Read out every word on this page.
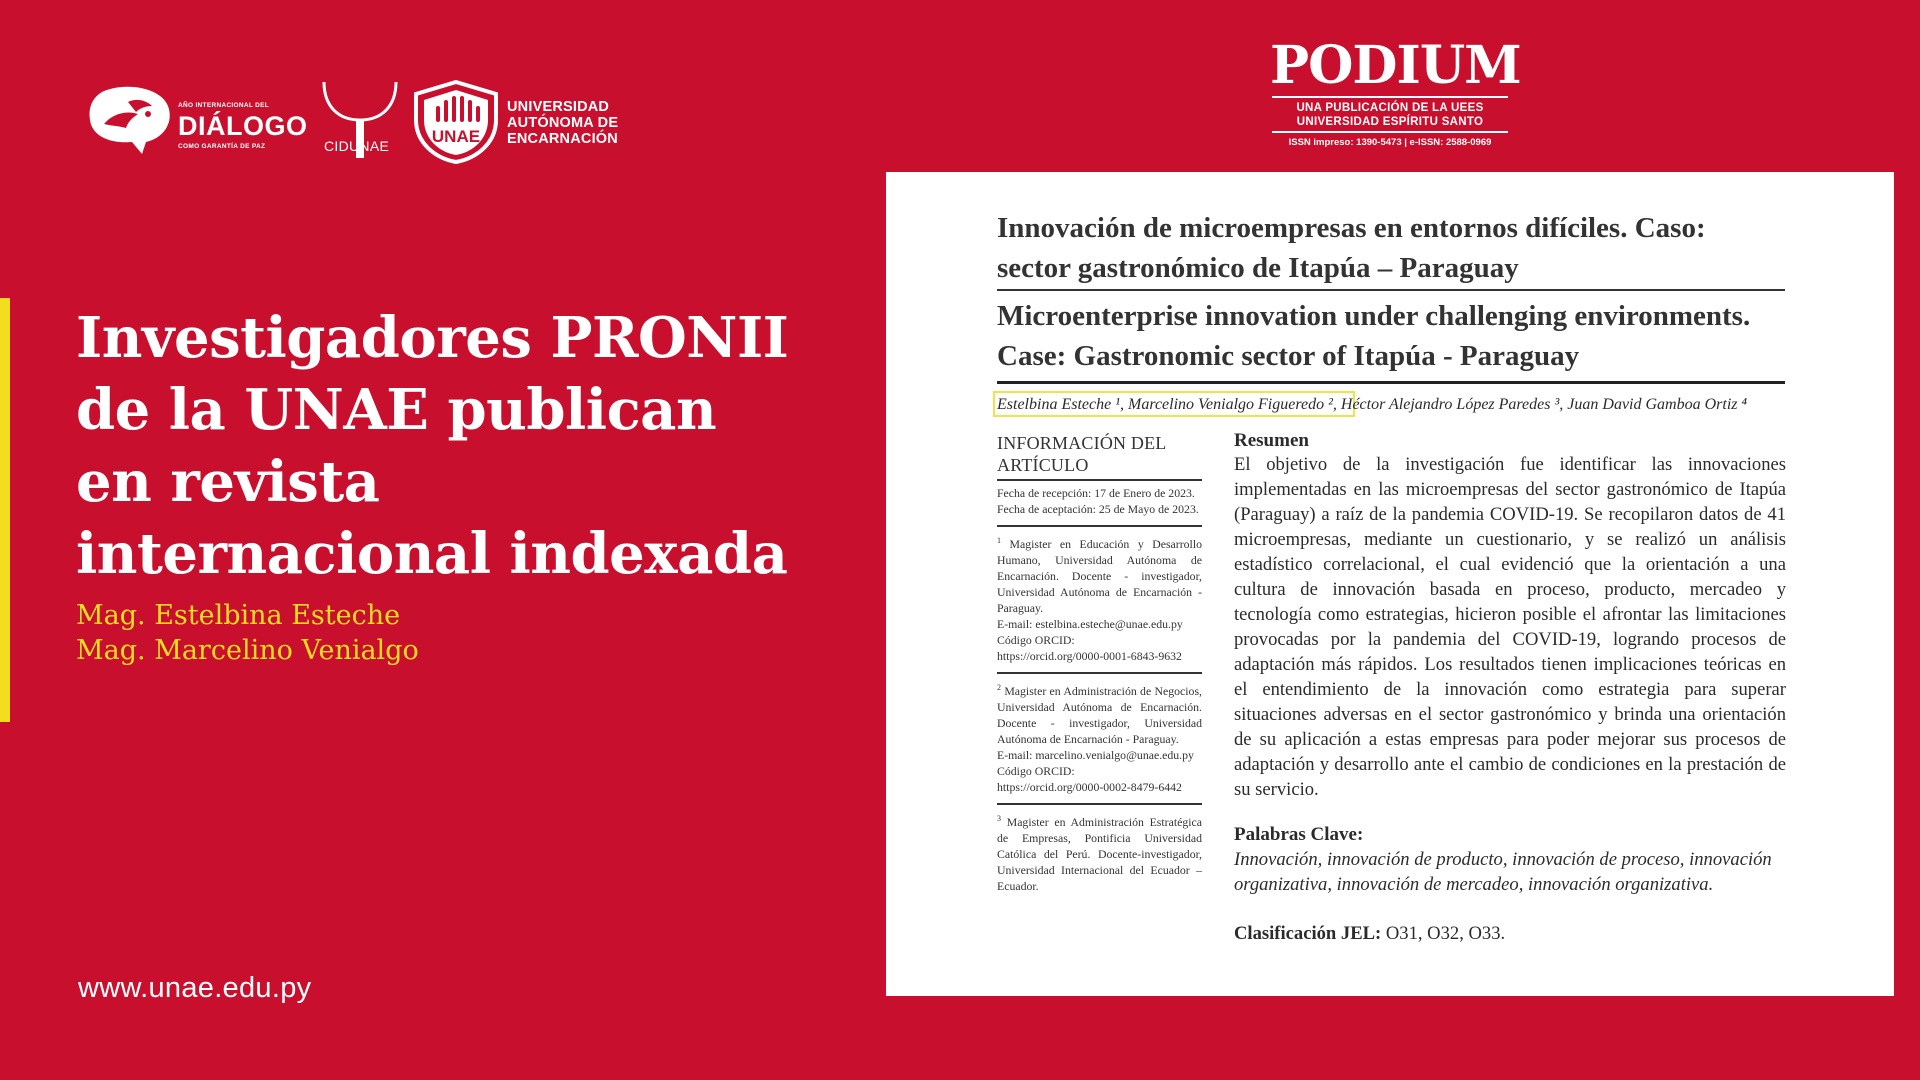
AÑO INTERNACIONAL DEL
DIÁLOGO
COMO GARANTÍA DE PAZ	CIDUNAE	UNAE
UNIVERSIDAD
AUTÓNOMA DE
ENCARNACIÓN
PODIUM
UNA PUBLICACIÓN DE LA UEES
UNIVERSIDAD ESPÍRITU SANTO
ISSN impreso: 1390-5473 | e-ISSN: 2588-0969
Investigadores PRONII de la UNAE publican en revista internacional indexada
Mag. Estelbina Esteche
Mag. Marcelino Venialgo
www.unae.edu.py
Innovación de microempresas en entornos difíciles. Caso: sector gastronómico de Itapúa – Paraguay
Microenterprise innovation under challenging environments. Case: Gastronomic sector of Itapúa - Paraguay
Estelbina Esteche ¹, Marcelino Venialgo Figueredo ², Héctor Alejandro López Paredes ³, Juan David Gamboa Ortiz ⁴
INFORMACIÓN DEL ARTÍCULO

Fecha de recepción: 17 de Enero de 2023.

Fecha de aceptación: 25 de Mayo de 2023.

$^1$ Magister en Educación y Desarrollo Humano, Universidad Autónoma de Encarnación. Docente - investigador, Universidad Autónoma de Encarnación - Paraguay.

E-mail: estelbina.esteche@unae.edu.py

Código ORCID:

https://orcid.org/0000-0001-6843-9632

$^2$ Magister en Administración de Negocios, Universidad Autónoma de Encarnación. Docente - investigador, Universidad Autónoma de Encarnación - Paraguay.

E-mail: marcelino.venialgo@unae.edu.py

Código ORCID:

https://orcid.org/0000-0002-8479-6442

$^3$ Magister en Administración Estratégica de Empresas, Pontificia Universidad Católica del Perú. Docente-investigador, Universidad Internacional del Ecuador – Ecuador.

Resumen

El objetivo de la investigación fue identificar las innovaciones implementadas en las microempresas del sector gastronómico de Itapúa (Paraguay) a raíz de la pandemia COVID-19. Se recopilaron datos de 41 microempresas, mediante un cuestionario, y se realizó un análisis estadístico correlacional, el cual evidenció que la orientación a una cultura de innovación basada en proceso, producto, mercadeo y tecnología como estrategias, hicieron posible el afrontar las limitaciones provocadas por la pandemia del COVID-19, logrando procesos de adaptación más rápidos. Los resultados tienen implicaciones teóricas en el entendimiento de la innovación como estrategia para superar situaciones adversas en el sector gastronómico y brinda una orientación de su aplicación a estas empresas para poder mejorar sus procesos de adaptación y desarrollo ante el cambio de condiciones en la prestación de su servicio.

Palabras Clave:

Innovación, innovación de producto, innovación de proceso, innovación organizativa, innovación de mercadeo, innovación organizativa.

Clasificación JEL: O31, O32, O33.
